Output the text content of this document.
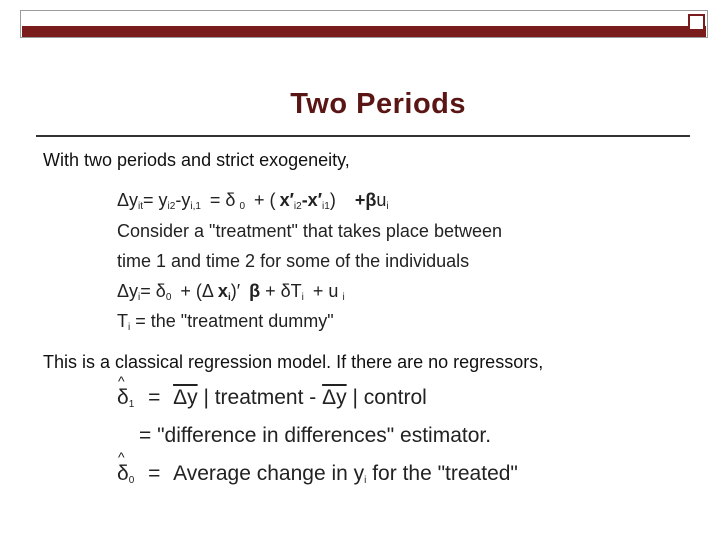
Two Periods
With two periods and strict exogeneity,
$\Delta y_{it}= y_{i2}-y_{i,1} = \delta$ $_0$ + ( $x'_{i2}-x'_{i1}) +\beta u_i$
Consider a "treatment" that takes place between
time 1 and time 2 for some of the individuals
$\Delta y_i= \delta_0 + (\Delta$ $x_i)'$ $\beta + \delta T_i + u$ $_i$
$T_i$ = the "treatment dummy"
This is a classical regression model. If there are no regressors,
^ $\delta_1 = \overline{\Delta y}$ | treatment - $\overline{\Delta y}$ | control
= "difference in differences" estimator.
^ $\delta_0$ = Average change in $y_i$ for the "treated"
